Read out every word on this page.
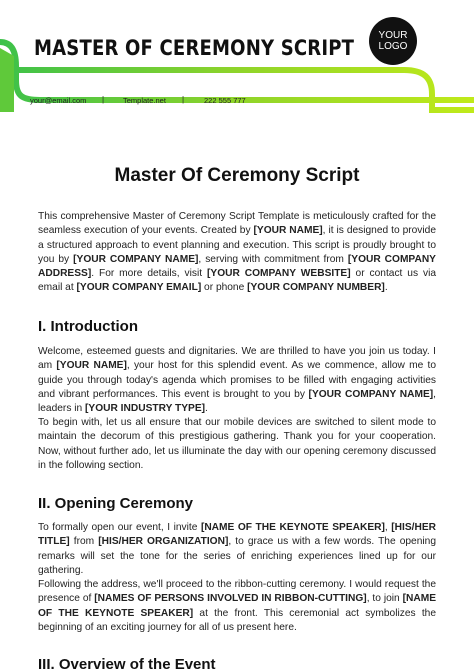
MASTER OF CEREMONY SCRIPT
YOUR LOGO
your@email.com |	Template.net |	222 555 777
Master Of Ceremony Script

This comprehensive Master of Ceremony Script Template is meticulously crafted for the seamless execution of your events. Created by [YOUR NAME], it is designed to provide a structured approach to event planning and execution. This script is proudly brought to you by [YOUR COMPANY NAME], serving with commitment from [YOUR COMPANY ADDRESS]. For more details, visit [YOUR COMPANY WEBSITE] or contact us via email at [YOUR COMPANY EMAIL] or phone [YOUR COMPANY NUMBER].

I. Introduction

Welcome, esteemed guests and dignitaries. We are thrilled to have you join us today. I am [YOUR NAME], your host for this splendid event. As we commence, allow me to guide you through today's agenda which promises to be filled with engaging activities and vibrant performances. This event is brought to you by [YOUR COMPANY NAME], leaders in [YOUR INDUSTRY TYPE].

To begin with, let us all ensure that our mobile devices are switched to silent mode to maintain the decorum of this prestigious gathering. Thank you for your cooperation. Now, without further ado, let us illuminate the day with our opening ceremony discussed in the following section.

II. Opening Ceremony

To formally open our event, I invite [NAME OF THE KEYNOTE SPEAKER], [HIS/HER TITLE] from [HIS/HER ORGANIZATION], to grace us with a few words. The opening remarks will set the tone for the series of enriching experiences lined up for our gathering.

Following the address, we'll proceed to the ribbon-cutting ceremony. I would request the presence of [NAMES OF PERSONS INVOLVED IN RIBBON-CUTTING], to join [NAME OF THE KEYNOTE SPEAKER] at the front. This ceremonial act symbolizes the beginning of an exciting journey for all of us present here.

III. Overview of the Event
